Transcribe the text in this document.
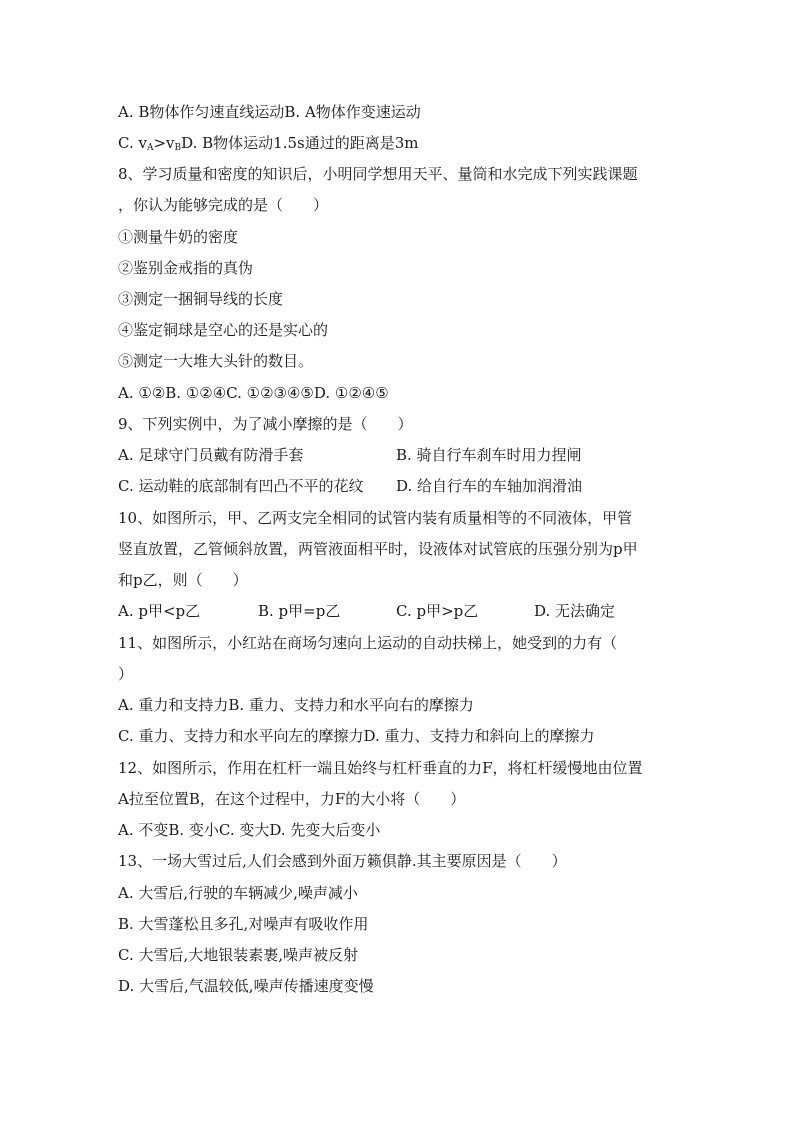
A. B物体作匀速直线运动B. A物体作变速运动
C. $v_A>v_BD$. B物体运动1.5s通过的距离是3m
8、学习质量和密度的知识后，小明同学想用天平、量筒和水完成下列实践课题
，你认为能够完成的是（　　）
①测量牛奶的密度
②鉴别金戒指的真伪
③测定一捆铜导线的长度
④鉴定铜球是空心的还是实心的
⑤测定一大堆大头针的数目。
A. ①②B. ①②④C. ①②③④⑤D. ①②④⑤
9、下列实例中，为了减小摩擦的是（　　）
A. 足球守门员戴有防滑手套	B. 骑自行车刹车时用力捏闸
C. 运动鞋的底部制有凹凸不平的花纹 D. 给自行车的车轴加润滑油
10、如图所示，甲、乙两支完全相同的试管内装有质量相等的不同液体，甲管
竖直放置，乙管倾斜放置，两管液面相平时，设液体对试管底的压强分别为p甲
和p乙，则（　　）
A. p甲<p乙	B. p甲=p乙	C. p甲>p乙	D. 无法确定
11、如图所示，小红站在商场匀速向上运动的自动扶梯上，她受到的力有（
）
A. 重力和支持力B. 重力、支持力和水平向右的摩擦力
C. 重力、支持力和水平向左的摩擦力D. 重力、支持力和斜向上的摩擦力
12、如图所示，作用在杠杆一端且始终与杠杆垂直的力F，将杠杆缓慢地由位置
A拉至位置B，在这个过程中，力F的大小将（　　）
A. 不变B. 变小C. 变大D. 先变大后变小
13、一场大雪过后,人们会感到外面万籁俱静.其主要原因是（　　）
A. 大雪后,行驶的车辆减少,噪声减小
B. 大雪蓬松且多孔,对噪声有吸收作用
C. 大雪后,大地银装素裹,噪声被反射
D. 大雪后,气温较低,噪声传播速度变慢
